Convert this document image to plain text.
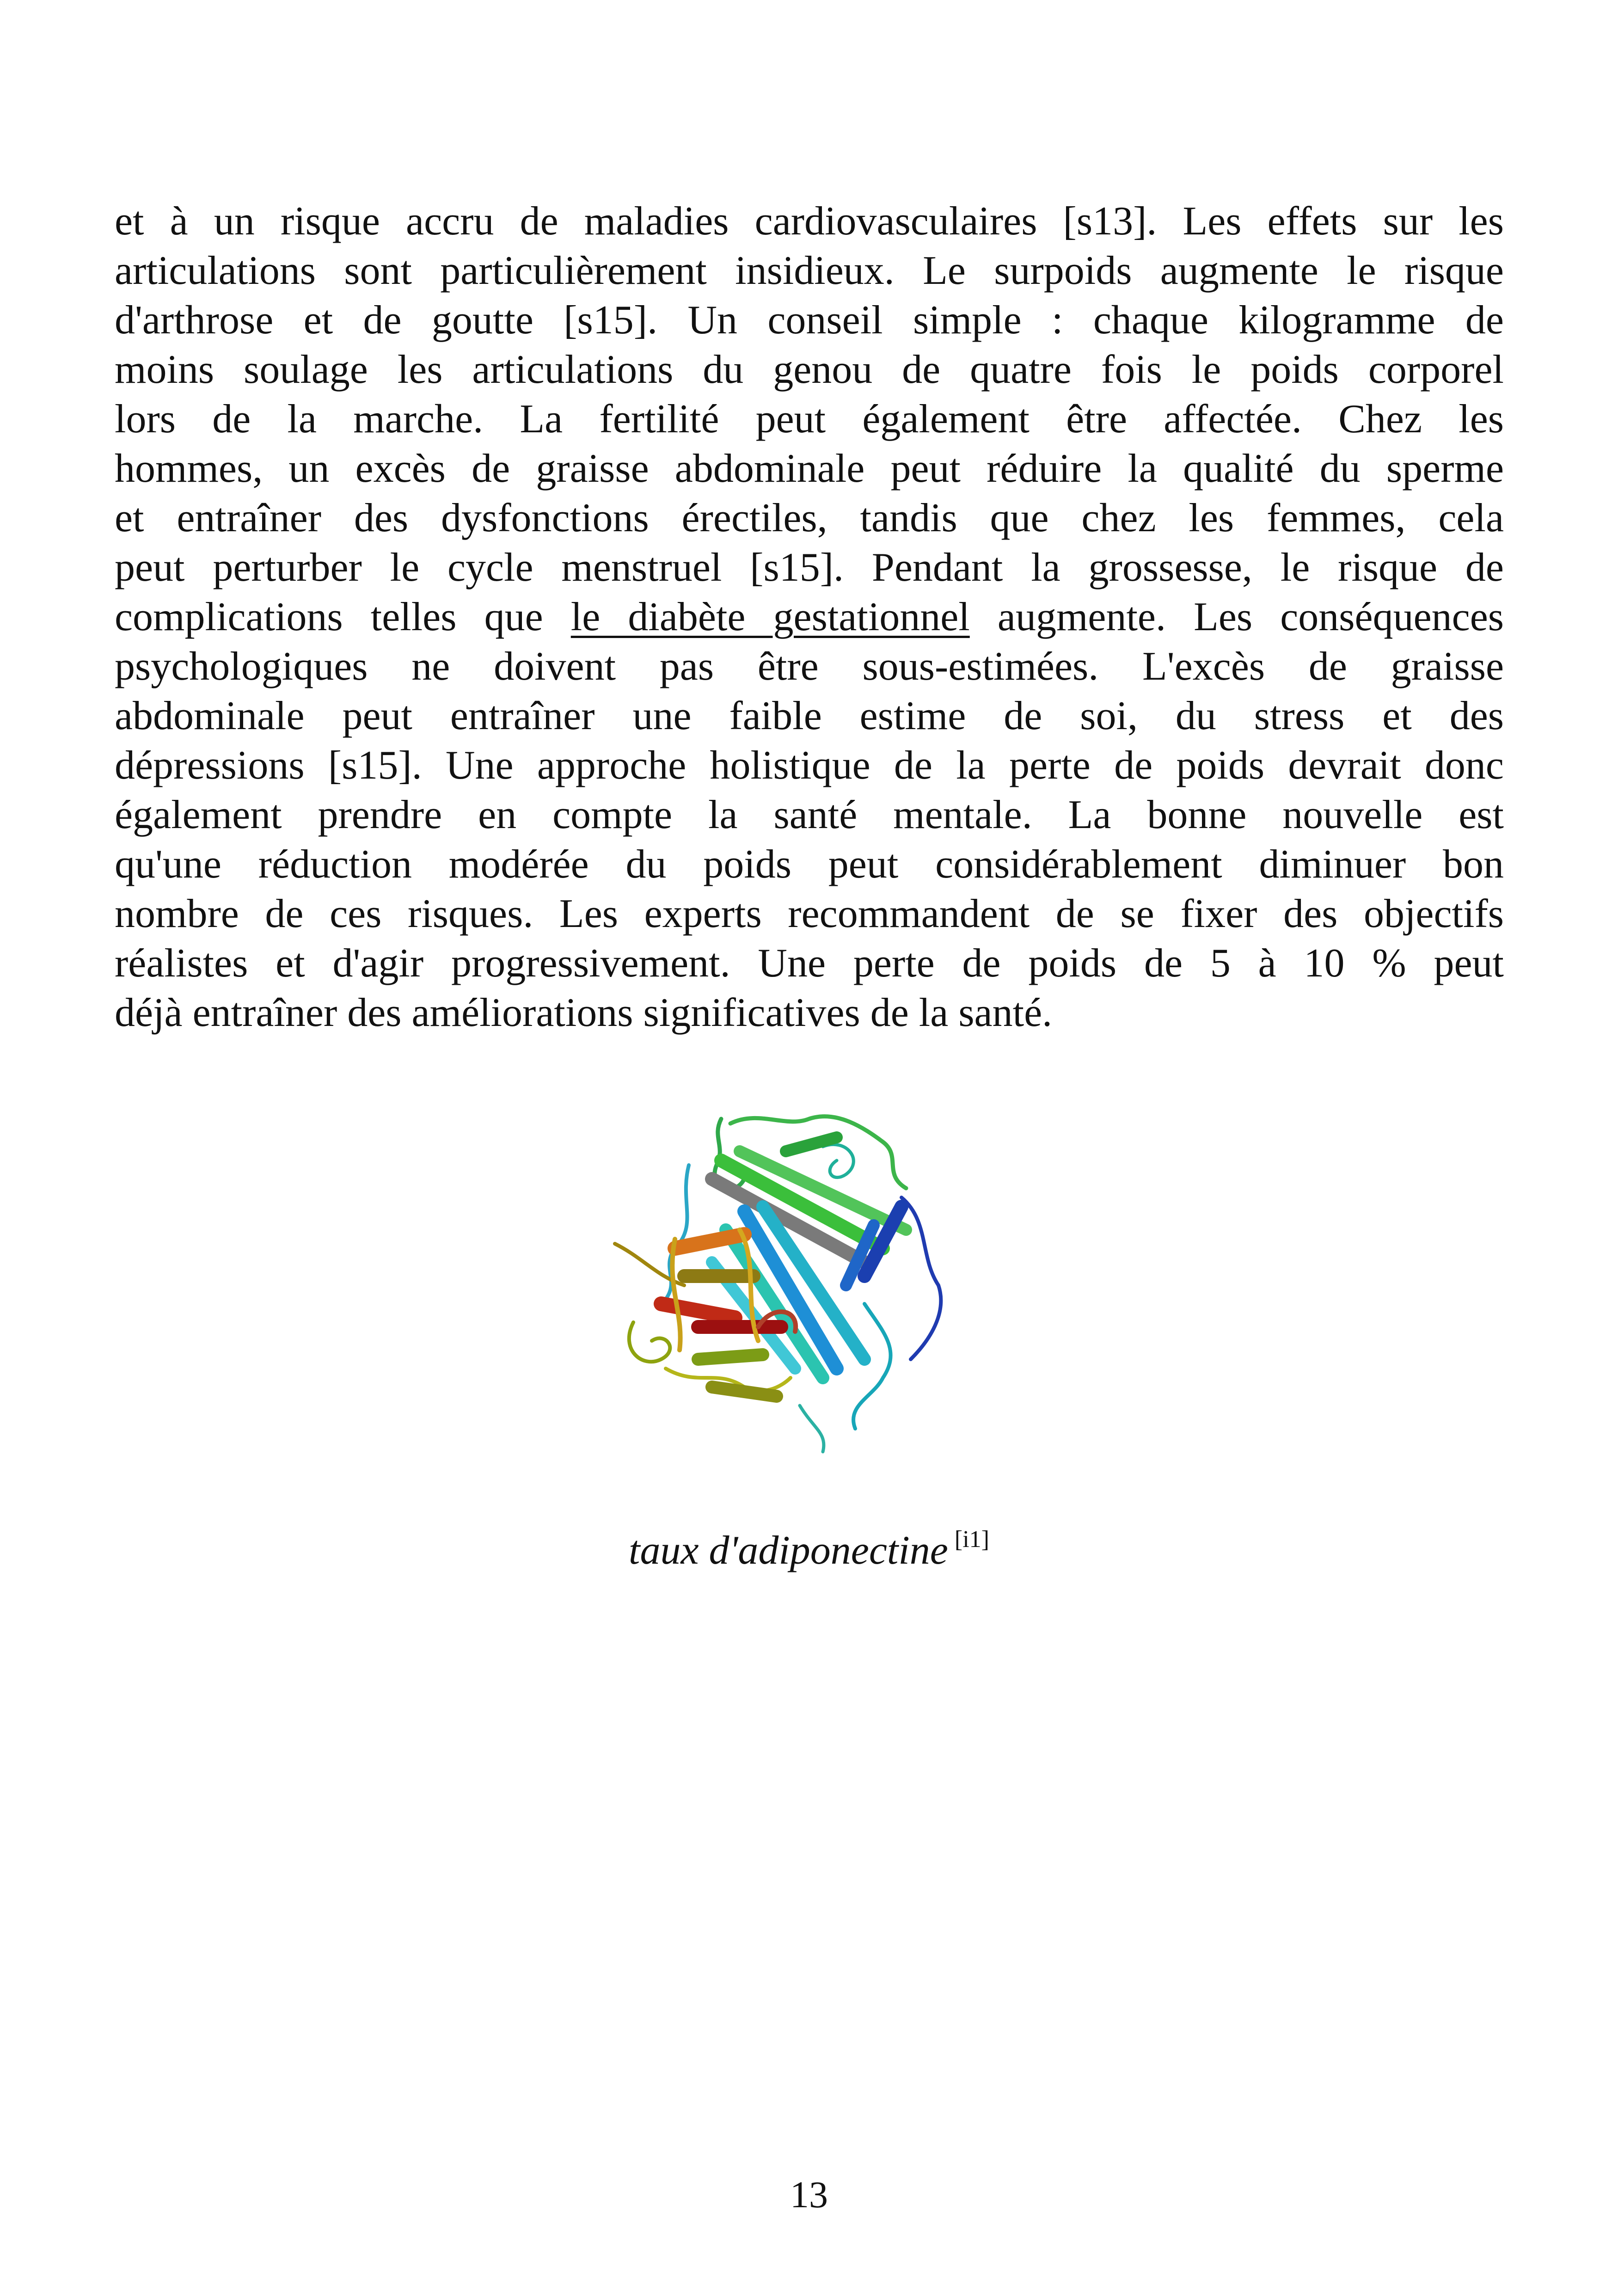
et à un risque accru de maladies cardiovasculaires [s13]. Les effets sur les
articulations sont particulièrement insidieux. Le surpoids augmente le risque
d'arthrose et de goutte [s15]. Un conseil simple : chaque kilogramme de
moins soulage les articulations du genou de quatre fois le poids corporel
lors de la marche. La fertilité peut également être affectée. Chez les
hommes, un excès de graisse abdominale peut réduire la qualité du sperme
et entraîner des dysfonctions érectiles, tandis que chez les femmes, cela
peut perturber le cycle menstruel [s15]. Pendant la grossesse, le risque de
complications telles que le diabète gestationnel augmente. Les conséquences
psychologiques ne doivent pas être sous-estimées. L'excès de graisse
abdominale peut entraîner une faible estime de soi, du stress et des
dépressions [s15]. Une approche holistique de la perte de poids devrait donc
également prendre en compte la santé mentale. La bonne nouvelle est
qu'une réduction modérée du poids peut considérablement diminuer bon
nombre de ces risques. Les experts recommandent de se fixer des objectifs
réalistes et d'agir progressivement. Une perte de poids de 5 à 10 % peut
déjà entraîner des améliorations significatives de la santé.
taux d'adiponectine [i1]
13
